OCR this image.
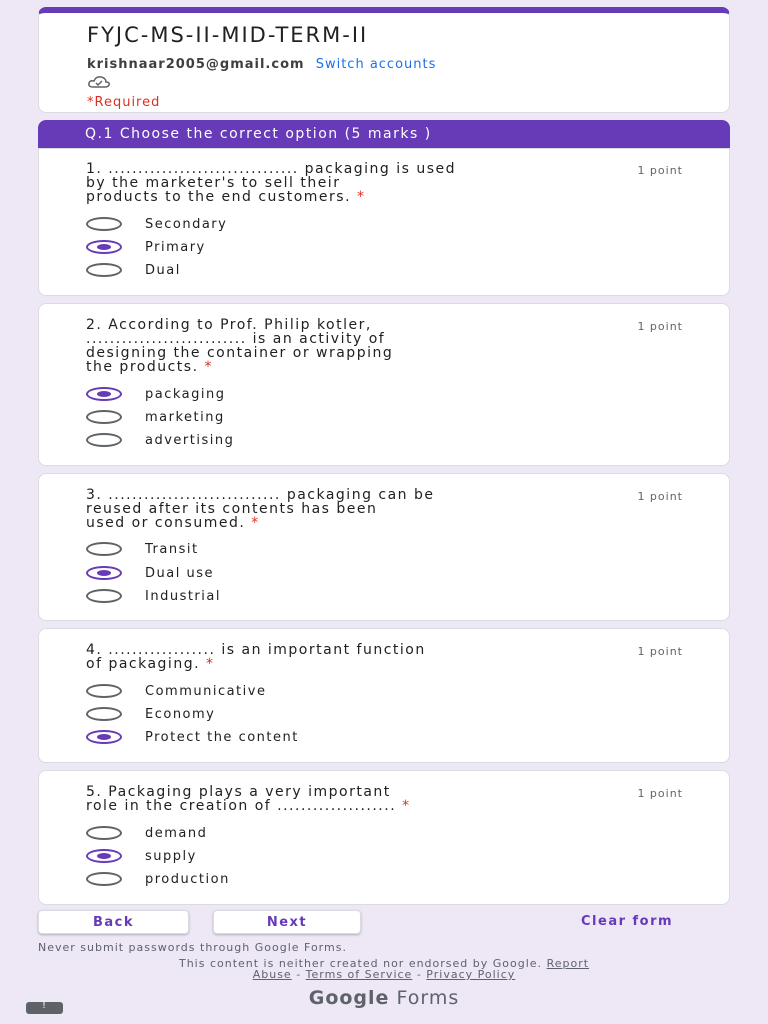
FYJC-MS-II-MID-TERM-II
krishnaar2005@gmail.com Switch accounts
*Required
Q.1 Choose the correct option (5 marks )
1. ................................ packaging is used
by the marketer's to sell their
products to the end customers. *
1 point
Secondary
Primary
Dual
2. According to Prof. Philip kotler,
........................... is an activity of
designing the container or wrapping
the products. *
1 point
packaging
marketing
advertising
3. ............................. packaging can be
reused after its contents has been
used or consumed. *
1 point
Transit
Dual use
Industrial
4. .................. is an important function
of packaging. *
1 point
Communicative
Economy
Protect the content
5. Packaging plays a very important
role in the creation of .................... *
1 point
demand
supply
production
Back	Next	Clear form
Never submit passwords through Google Forms.
This content is neither created nor endorsed by Google. Report
Abuse - Terms of Service - Privacy Policy
Google Forms
!
